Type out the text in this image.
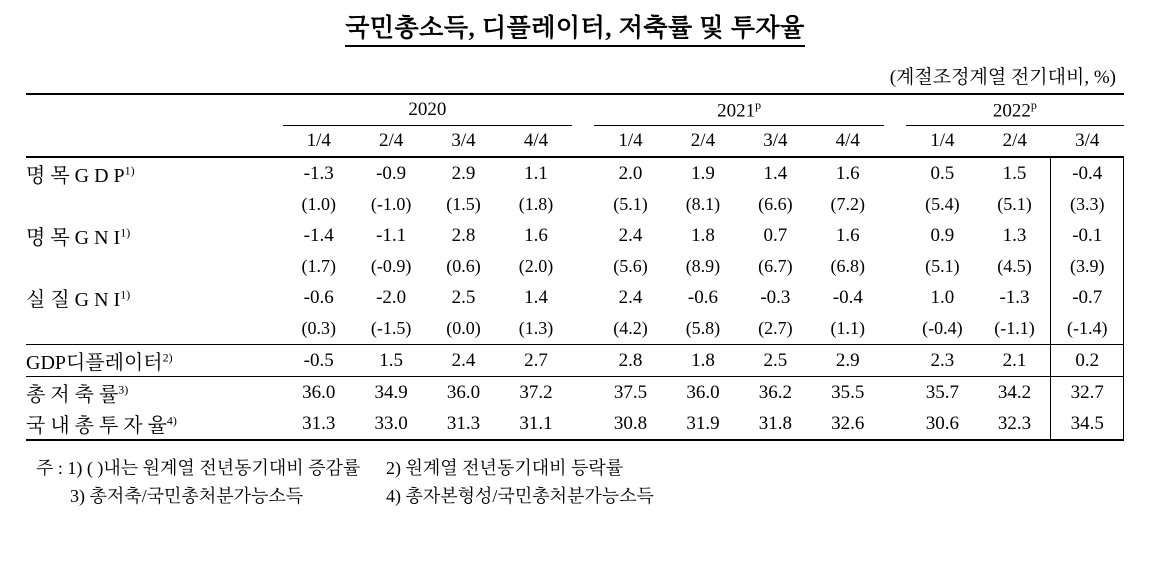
국민총소득, 디플레이터, 저축률 및 투자율
(계절조정계열 전기대비, %)
	2020					2021$^p$					2022$^p$
	1/4	2/4	3/4	4/4		1/4	2/4	3/4	4/4		1/4	2/4	3/4
명 목 G D $P^{1)}$	-1.3	-0.9	2.9	1.1		2.0	1.9	1.4	1.6		0.5	1.5	-0.4
	(1.0)	(-1.0)	(1.5)	(1.8)		(5.1)	(8.1)	(6.6)	(7.2)		(5.4)	(5.1)	(3.3)
명 목 G N $I^{1)}$	-1.4	-1.1	2.8	1.6		2.4	1.8	0.7	1.6		0.9	1.3	-0.1
	(1.7)	(-0.9)	(0.6)	(2.0)		(5.6)	(8.9)	(6.7)	(6.8)		(5.1)	(4.5)	(3.9)
실 질 G N $I^{1)}$	-0.6	-2.0	2.5	1.4		2.4	-0.6	-0.3	-0.4		1.0	-1.3	-0.7
	(0.3)	(-1.5)	(0.0)	(1.3)		(4.2)	(5.8)	(2.7)	(1.1)		(-0.4)	(-1.1)	(-1.4)
GDP디플레이터$^{2)}$	-0.5	1.5	2.4	2.7		2.8	1.8	2.5	2.9		2.3	2.1	0.2
총 저 축 률$^{3)}$	36.0	34.9	36.0	37.2		37.5	36.0	36.2	35.5		35.7	34.2	32.7
국 내 총 투 자 율$^{4)}$	31.3	33.0	31.3	31.1		30.8	31.9	31.8	32.6		30.6	32.3	34.5

주 : 1) ( )내는 원계열 전년동기대비 증감률	2) 원계열 전년동기대비 등락률
3) 총저축/국민총처분가능소득	4) 총자본형성/국민총처분가능소득
